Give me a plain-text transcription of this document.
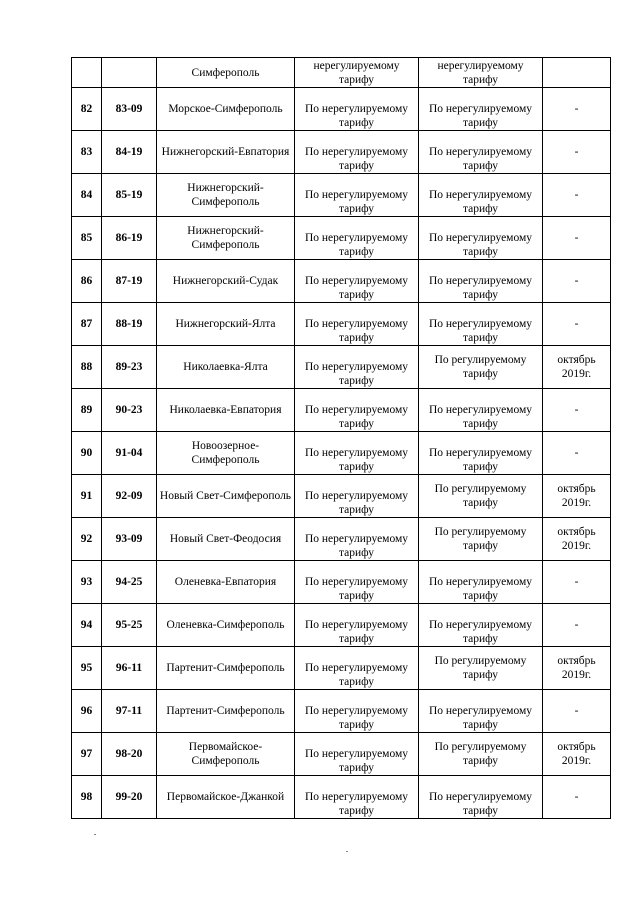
		Симферополь	нерегулируемому тарифу	нерегулируемому тарифу	
82	83-09	Морское-Симферополь	По нерегулируемому тарифу	По нерегулируемому тарифу	-
83	84-19	Нижнегорский-Евпатория	По нерегулируемому тарифу	По нерегулируемому тарифу	-
84	85-19	Нижнегорский-Симферополь	По нерегулируемому тарифу	По нерегулируемому тарифу	-
85	86-19	Нижнегорский-Симферополь	По нерегулируемому тарифу	По нерегулируемому тарифу	-
86	87-19	Нижнегорский-Судак	По нерегулируемому тарифу	По нерегулируемому тарифу	-
87	88-19	Нижнегорский-Ялта	По нерегулируемому тарифу	По нерегулируемому тарифу	-
88	89-23	Николаевка-Ялта	По нерегулируемому тарифу	По регулируемому тарифу	октябрь 2019г.
89	90-23	Николаевка-Евпатория	По нерегулируемому тарифу	По нерегулируемому тарифу	-
90	91-04	Новоозерное-Симферополь	По нерегулируемому тарифу	По нерегулируемому тарифу	-
91	92-09	Новый Свет-Симферополь	По нерегулируемому тарифу	По регулируемому тарифу	октябрь 2019г.
92	93-09	Новый Свет-Феодосия	По нерегулируемому тарифу	По регулируемому тарифу	октябрь 2019г.
93	94-25	Оленевка-Евпатория	По нерегулируемому тарифу	По нерегулируемому тарифу	-
94	95-25	Оленевка-Симферополь	По нерегулируемому тарифу	По нерегулируемому тарифу	-
95	96-11	Партенит-Симферополь	По нерегулируемому тарифу	По регулируемому тарифу	октябрь 2019г.
96	97-11	Партенит-Симферополь	По нерегулируемому тарифу	По нерегулируемому тарифу	-
97	98-20	Первомайское-Симферополь	По нерегулируемому тарифу	По регулируемому тарифу	октябрь 2019г.
98	99-20	Первомайское-Джанкой	По нерегулируемому тарифу	По нерегулируемому тарифу	-
